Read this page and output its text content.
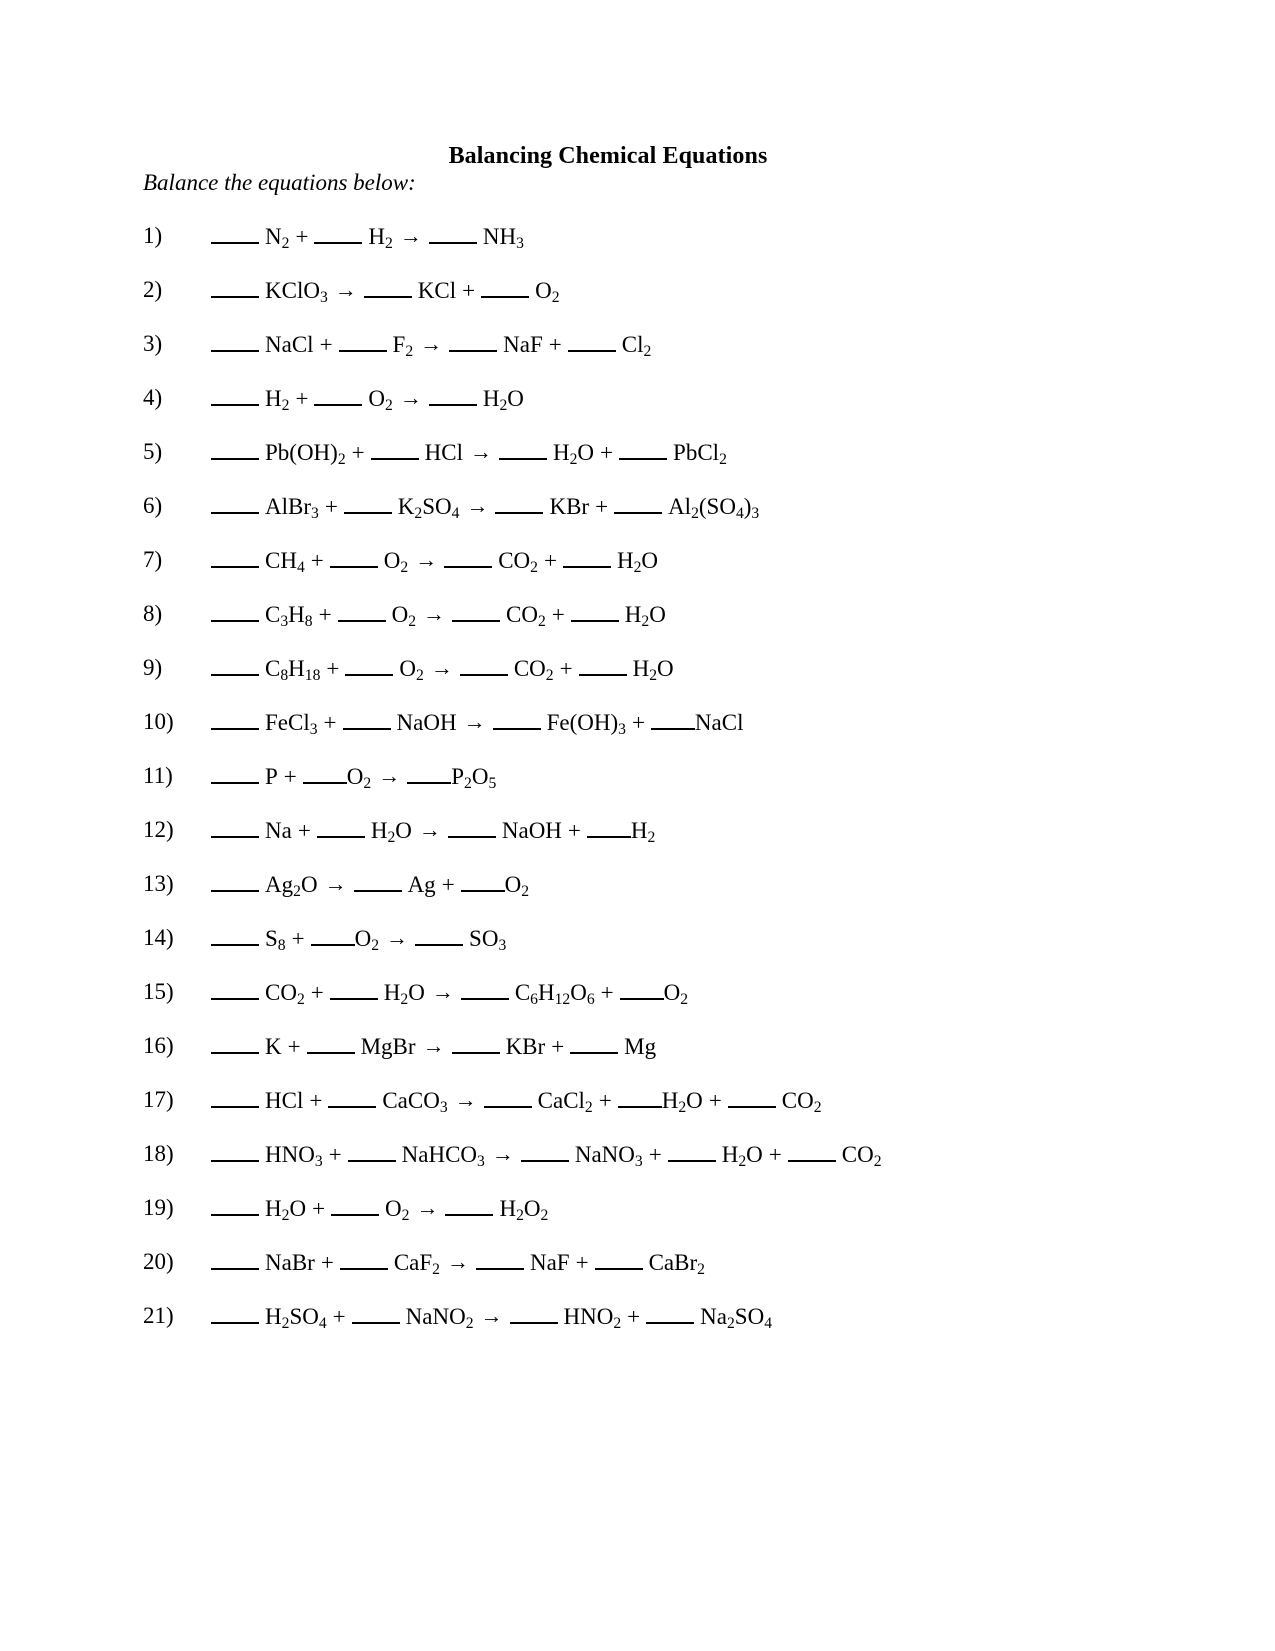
Balancing Chemical Equations
Balance the equations below:
1)	$N_2$ +	$H_2$ →	$NH_3$
2)	KClO$_3$ →	KCl +	$O_2$
3)	NaCl +	$F_2$ →	NaF +	$Cl_2$
4)	$H_2$ +	$O_2$ →	$H_2O$
5)	$Pb(OH)_2$ +	HCl →	$H_2O$ +	PbCl$_2$
6)	AlBr$_3$ +	$K_2SO_4$ →	KBr +	$Al_2(SO_4)_3$
7)	$CH_4$ +	$O_2$ →	$CO_2$ +	$H_2O$
8)	$C_3H_8$ +	$O_2$ →	$CO_2$ +	$H_2O$
9)	$C_8H_{18}$ +	$O_2$ →	$CO_2$ +	$H_2O$
10)	FeCl$_3$ +	NaOH →	$Fe(OH)_3$ + NaCl
11)	$P + O_2 \to P_2O_5$
12)	Na +	$H_2O$ →	NaOH + $H_2$
13)	$Ag_2O$ →	$Ag + O_2$
14)	$S_8 + O_2$ →	$SO_3$
15)	$CO_2$ +	$H_2O$ →	$C_6H_{12}O_6 + O_2$
16)	K +	MgBr →	KBr +	Mg
17)	HCl +	CaCO$_3$ →	CaCl$_2$ + $H_2O$ +	$CO_2$
18)	$HNO_3$ +	NaHCO$_3$ →	NaNO$_3$ +	$H_2O$ +	$CO_2$
19)	$H_2O$ +	$O_2$ →	$H_2O_2$
20)	NaBr +	CaF$_2$ →	NaF +	CaBr$_2$
21)	$H_2SO_4$ +	NaNO$_2$ →	$HNO_2$ +	$Na_2SO_4$
